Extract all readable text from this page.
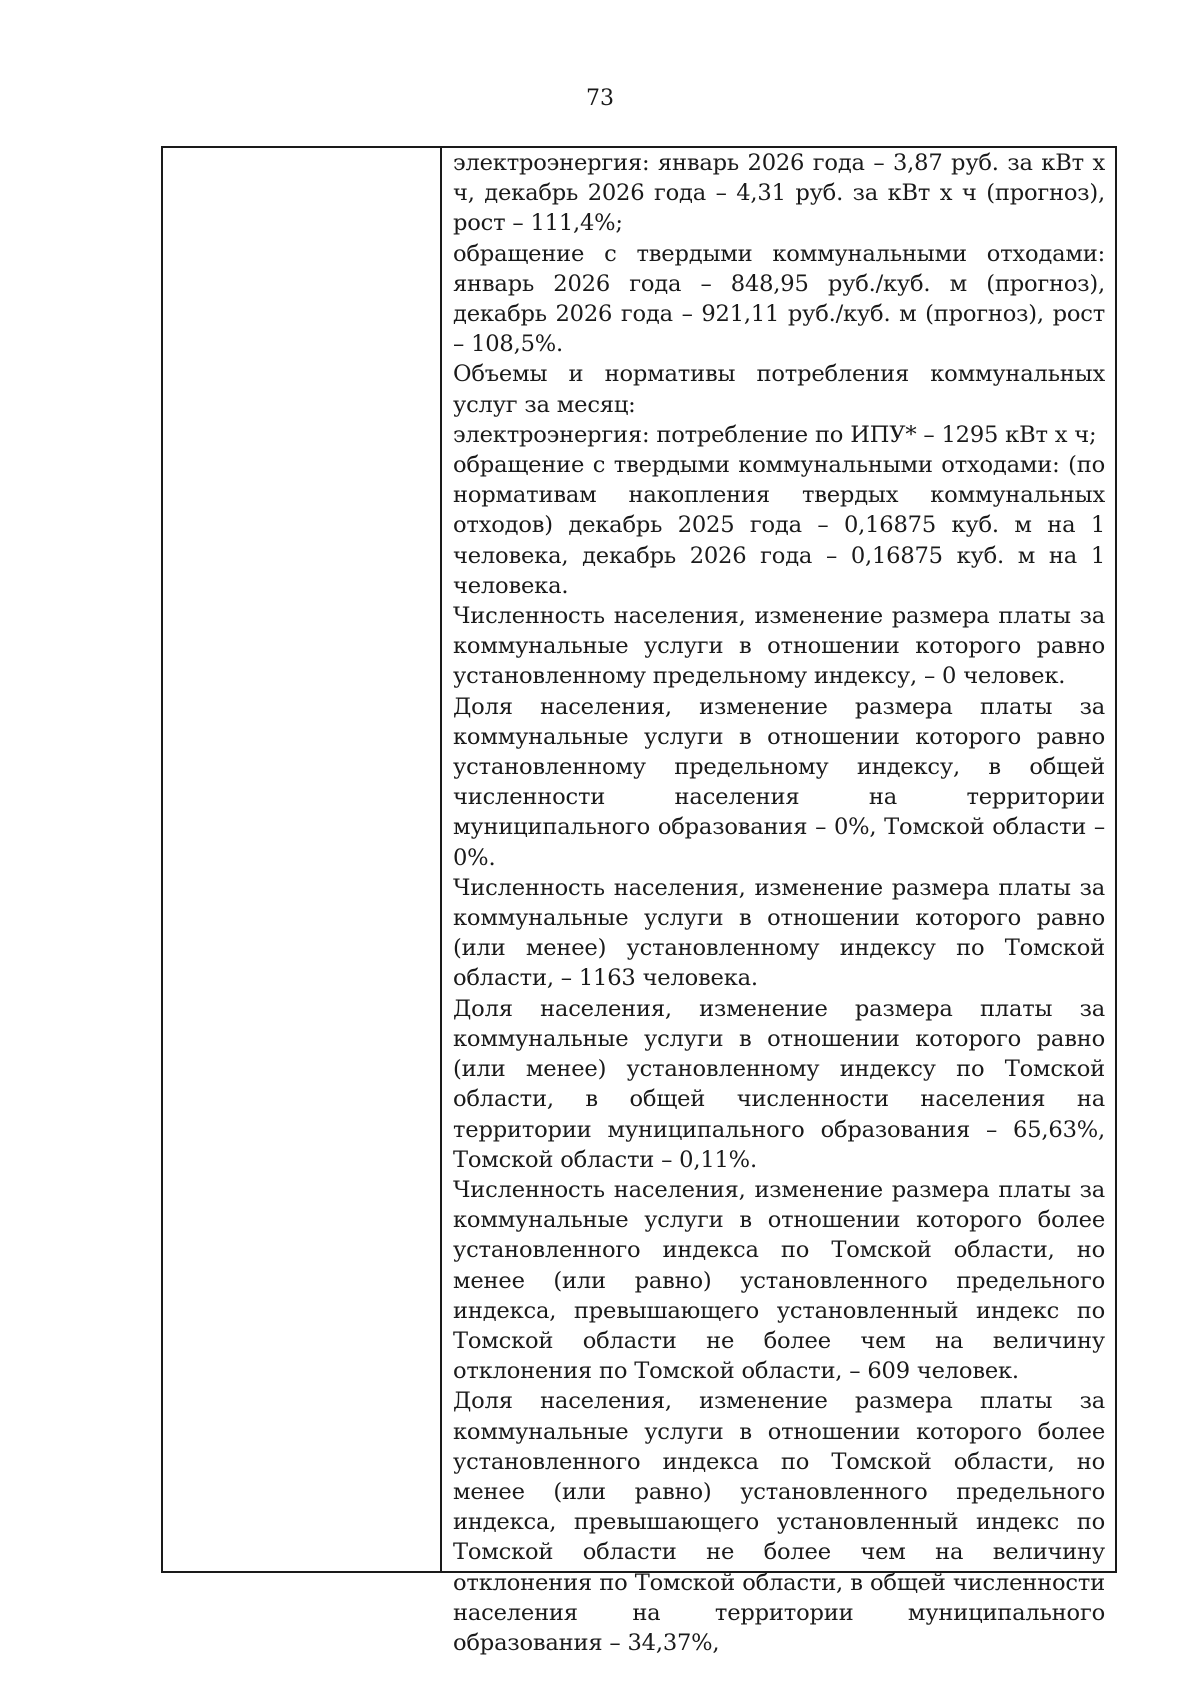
73

электроэнергия: январь 2026 года – 3,87 руб. за кВт х ч, декабрь 2026 года – 4,31 руб. за кВт х ч (прогноз), рост – 111,4%;

обращение с твердыми коммунальными отходами: январь 2026 года – 848,95 руб./куб. м (прогноз), декабрь 2026 года – 921,11 руб./куб. м (прогноз), рост – 108,5%.

Объемы и нормативы потребления коммунальных услуг за месяц:

электроэнергия: потребление по ИПУ* – 1295 кВт х ч;

обращение с твердыми коммунальными отходами: (по нормативам накопления твердых коммунальных отходов) декабрь 2025 года – 0,16875 куб. м на 1 человека, декабрь 2026 года – 0,16875 куб. м на 1 человека.

Численность населения, изменение размера платы за коммунальные услуги в отношении которого равно установленному предельному индексу, – 0 человек.

Доля населения, изменение размера платы за коммунальные услуги в отношении которого равно установленному предельному индексу, в общей численности населения на территории муниципального образования – 0%, Томской области – 0%.

Численность населения, изменение размера платы за коммунальные услуги в отношении которого равно (или менее) установленному индексу по Томской области, – 1163 человека.

Доля населения, изменение размера платы за коммунальные услуги в отношении которого равно (или менее) установленному индексу по Томской области, в общей численности населения на территории муниципального образования – 65,63%, Томской области – 0,11%.

Численность населения, изменение размера платы за коммунальные услуги в отношении которого более установленного индекса по Томской области, но менее (или равно) установленного предельного индекса, превышающего установленный индекс по Томской области не более чем на величину отклонения по Томской области, – 609 человек.

Доля населения, изменение размера платы за коммунальные услуги в отношении которого более установленного индекса по Томской области, но менее (или равно) установленного предельного индекса, превышающего установленный индекс по Томской области не более чем на величину отклонения по Томской области, в общей численности населения на территории муниципального образования – 34,37%,
